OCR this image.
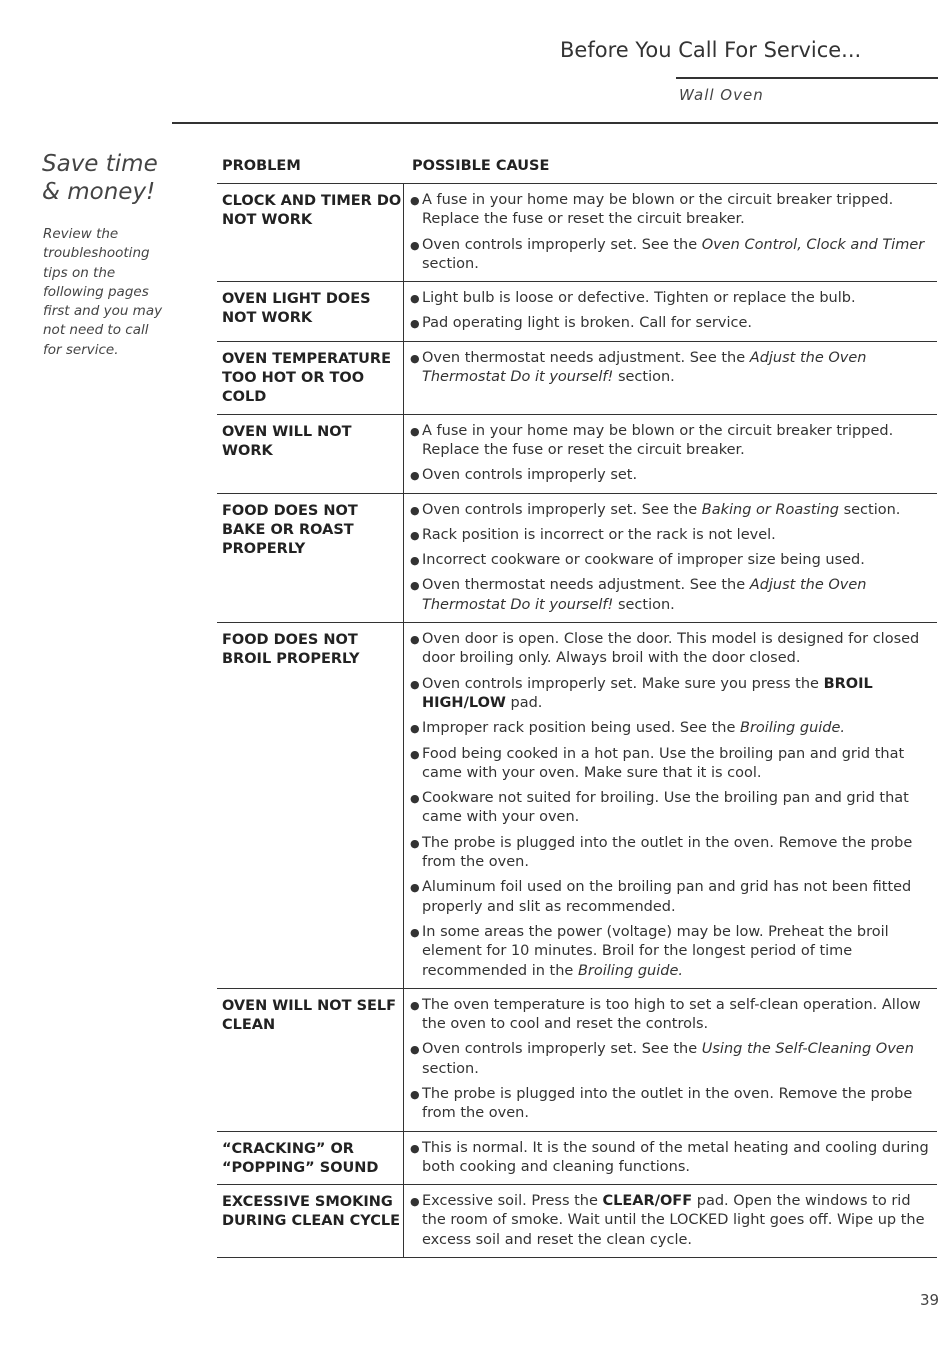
Before You Call For Service...
Wall Oven
Save time & money!
Review the troubleshooting tips on the following pages first and you may not need to call for service.
PROBLEM	POSSIBLE CAUSE
CLOCK AND TIMER DO NOT WORK
● A fuse in your home may be blown or the circuit breaker tripped. Replace the fuse or reset the circuit breaker.
● Oven controls improperly set. See the Oven Control, Clock and Timer section.
OVEN LIGHT DOES NOT WORK
● Light bulb is loose or defective. Tighten or replace the bulb.
● Pad operating light is broken. Call for service.
OVEN TEMPERATURE TOO HOT OR TOO COLD
● Oven thermostat needs adjustment. See the Adjust the Oven Thermostat Do it yourself! section.
OVEN WILL NOT WORK
● A fuse in your home may be blown or the circuit breaker tripped. Replace the fuse or reset the circuit breaker.
● Oven controls improperly set.
FOOD DOES NOT BAKE OR ROAST PROPERLY
● Oven controls improperly set. See the Baking or Roasting section.
● Rack position is incorrect or the rack is not level.
● Incorrect cookware or cookware of improper size being used.
● Oven thermostat needs adjustment. See the Adjust the Oven Thermostat Do it yourself! section.
FOOD DOES NOT BROIL PROPERLY
● Oven door is open. Close the door. This model is designed for closed door broiling only. Always broil with the door closed.
● Oven controls improperly set. Make sure you press the BROIL HIGH/LOW pad.
● Improper rack position being used. See the Broiling guide.
● Food being cooked in a hot pan. Use the broiling pan and grid that came with your oven. Make sure that it is cool.
● Cookware not suited for broiling. Use the broiling pan and grid that came with your oven.
● The probe is plugged into the outlet in the oven. Remove the probe from the oven.
● Aluminum foil used on the broiling pan and grid has not been fitted properly and slit as recommended.
● In some areas the power (voltage) may be low. Preheat the broil element for 10 minutes. Broil for the longest period of time recommended in the Broiling guide.
OVEN WILL NOT SELF CLEAN
● The oven temperature is too high to set a self-clean operation. Allow the oven to cool and reset the controls.
● Oven controls improperly set. See the Using the Self-Cleaning Oven section.
● The probe is plugged into the outlet in the oven. Remove the probe from the oven.
“CRACKING” OR “POPPING” SOUND
● This is normal. It is the sound of the metal heating and cooling during both cooking and cleaning functions.
EXCESSIVE SMOKING DURING CLEAN CYCLE
● Excessive soil. Press the CLEAR/OFF pad. Open the windows to rid the room of smoke. Wait until the LOCKED light goes off. Wipe up the excess soil and reset the clean cycle.
39
